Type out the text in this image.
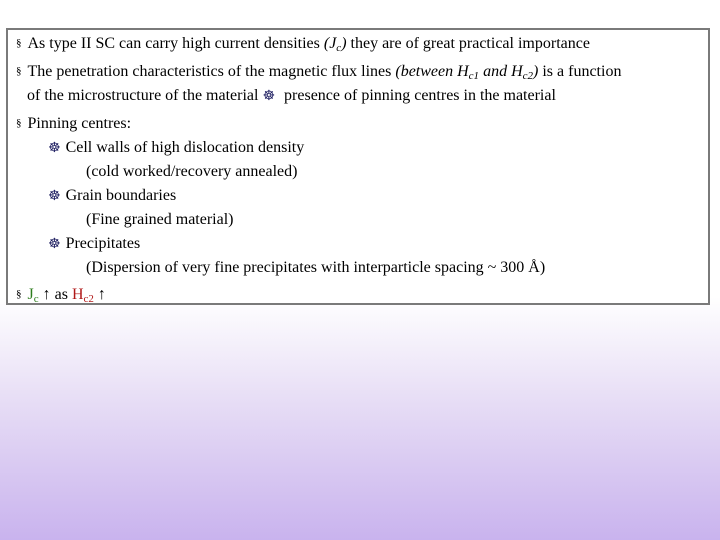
§ As type II SC can carry high current densities $(J_c)$ they are of great practical importance
§ The penetration characteristics of the magnetic flux lines (between $H_{c1}$ and $H_{c2}$) is a function
of the microstructure of the material ☸ presence of pinning centres in the material
§ Pinning centres:
☸ Cell walls of high dislocation density
(cold worked/recovery annealed)
☸ Grain boundaries
(Fine grained material)
☸ Precipitates
(Dispersion of very fine precipitates with interparticle spacing ~ 300 Å)
§ $J_c$ ↑ as $H_{c2}$ ↑
